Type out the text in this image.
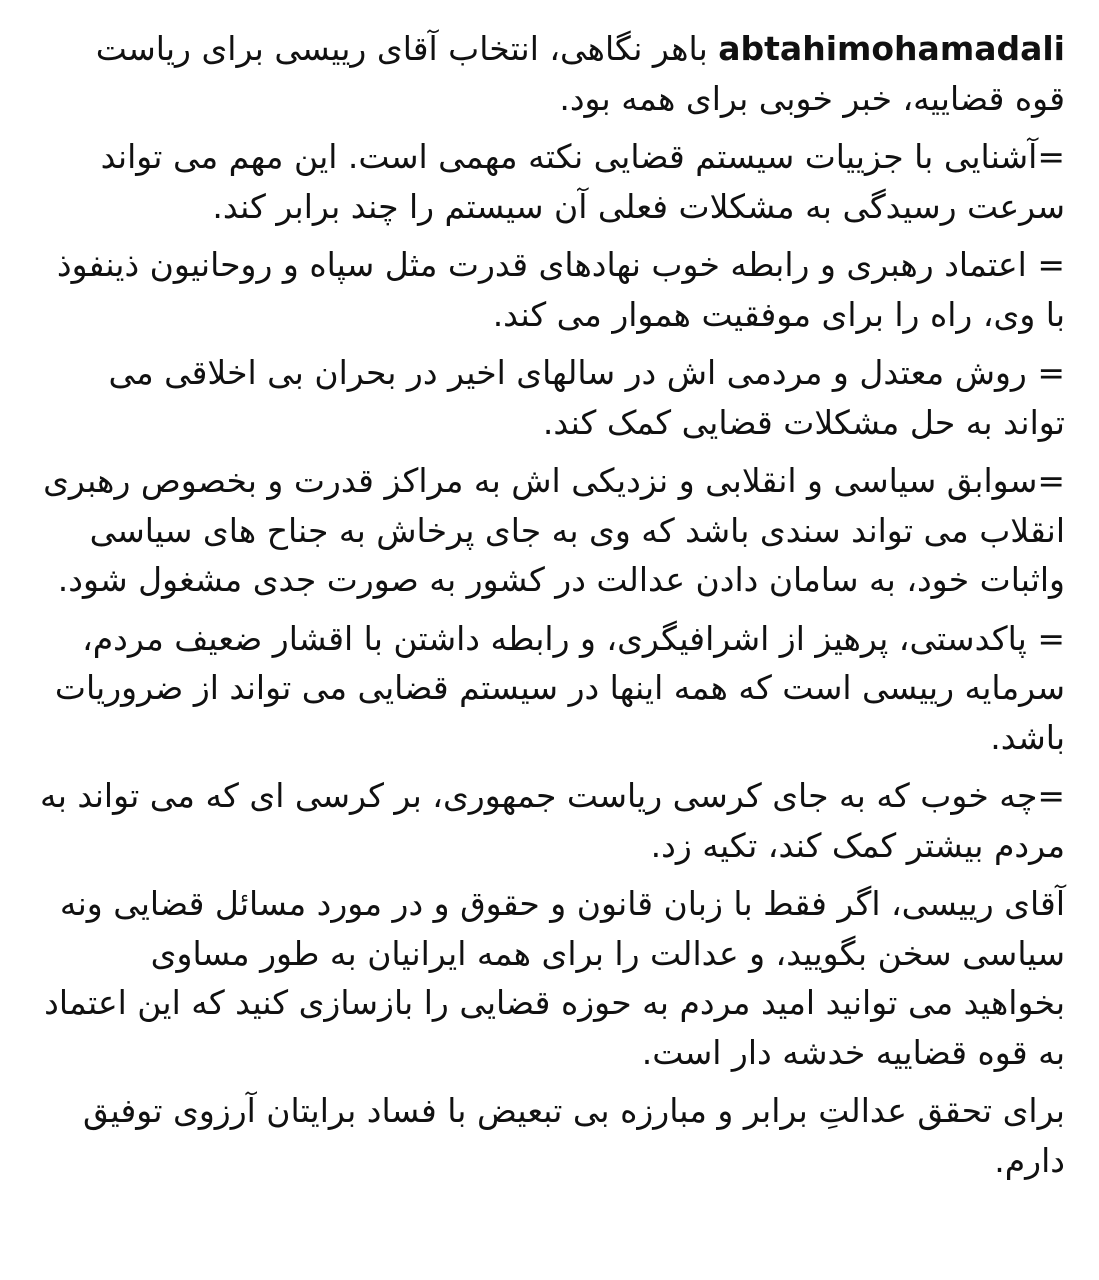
abtahimohamadali باهر نگاهی، انتخاب آقای رییسی برای ریاست قوه قضاییه، خبر خوبی برای همه بود.

=آشنایی با جزییات سیستم قضایی نکته مهمی است. این مهم می تواند سرعت رسیدگی به مشکلات فعلی آن سیستم را چند برابر کند.

= اعتماد رهبری و رابطه خوب نهادهای قدرت مثل سپاه و روحانیون ذینفوذ با وی، راه را برای موفقیت هموار می کند.

= روش معتدل و مردمی اش در سالهای اخیر در بحران بی اخلاقی می تواند به حل مشکلات قضایی کمک کند.

=سوابق سیاسی و انقلابی و نزدیکی اش به مراکز قدرت و بخصوص رهبری انقلاب می تواند سندی باشد که وی به جای پرخاش به جناح های سیاسی واثبات خود، به سامان دادن عدالت در کشور به صورت جدی مشغول شود.

= پاکدستی، پرهیز از اشرافیگری، و رابطه داشتن با اقشار ضعیف مردم، سرمایه رییسی است که همه اینها در سیستم قضایی می تواند از ضروریات باشد.

=چه خوب که به جای کرسی ریاست جمهوری، بر کرسی ای که می تواند به مردم بیشتر کمک کند، تکیه زد.

آقای رییسی، اگر فقط با زبان قانون و حقوق و در مورد مسائل قضایی ونه سیاسی سخن بگویید، و عدالت را برای همه ایرانیان به طور مساوی بخواهید می توانید امید مردم به حوزه قضایی را بازسازی کنید که این اعتماد به قوه قضاییه خدشه دار است.

برای تحقق عدالتِ برابر و مبارزه بی تبعیض با فساد برایتان آرزوی توفیق دارم.
